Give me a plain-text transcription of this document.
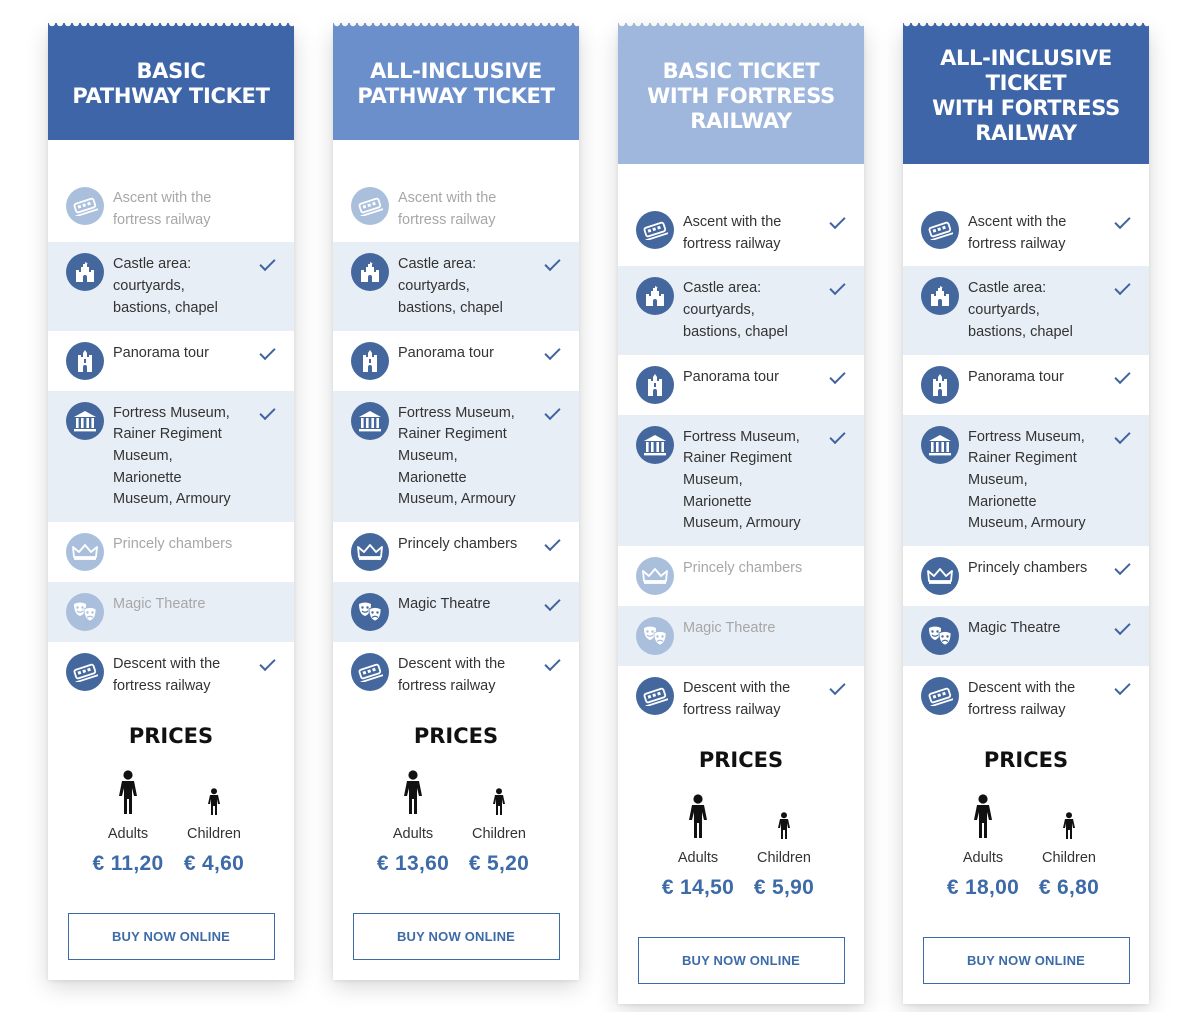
BASIC
PATHWAY TICKET
Ascent with the
fortress railway
Castle area:
courtyards,
bastions, chapel
Panorama tour
Fortress Museum,
Rainer Regiment
Museum,
Marionette
Museum, Armoury
Princely chambers
Magic Theatre
Descent with the
fortress railway
PRICES
Adults
€ 11,20
Children
€ 4,60
BUY NOW ONLINE
ALL-INCLUSIVE
PATHWAY TICKET
Ascent with the
fortress railway
Castle area:
courtyards,
bastions, chapel
Panorama tour
Fortress Museum,
Rainer Regiment
Museum,
Marionette
Museum, Armoury
Princely chambers
Magic Theatre
Descent with the
fortress railway
PRICES
Adults
€ 13,60
Children
€ 5,20
BUY NOW ONLINE
BASIC TICKET
WITH FORTRESS
RAILWAY
Ascent with the
fortress railway
Castle area:
courtyards,
bastions, chapel
Panorama tour
Fortress Museum,
Rainer Regiment
Museum,
Marionette
Museum, Armoury
Princely chambers
Magic Theatre
Descent with the
fortress railway
PRICES
Adults
€ 14,50
Children
€ 5,90
BUY NOW ONLINE
ALL-INCLUSIVE TICKET
WITH FORTRESS
RAILWAY
Ascent with the
fortress railway
Castle area:
courtyards,
bastions, chapel
Panorama tour
Fortress Museum,
Rainer Regiment
Museum,
Marionette
Museum, Armoury
Princely chambers
Magic Theatre
Descent with the
fortress railway
PRICES
Adults
€ 18,00
Children
€ 6,80
BUY NOW ONLINE
